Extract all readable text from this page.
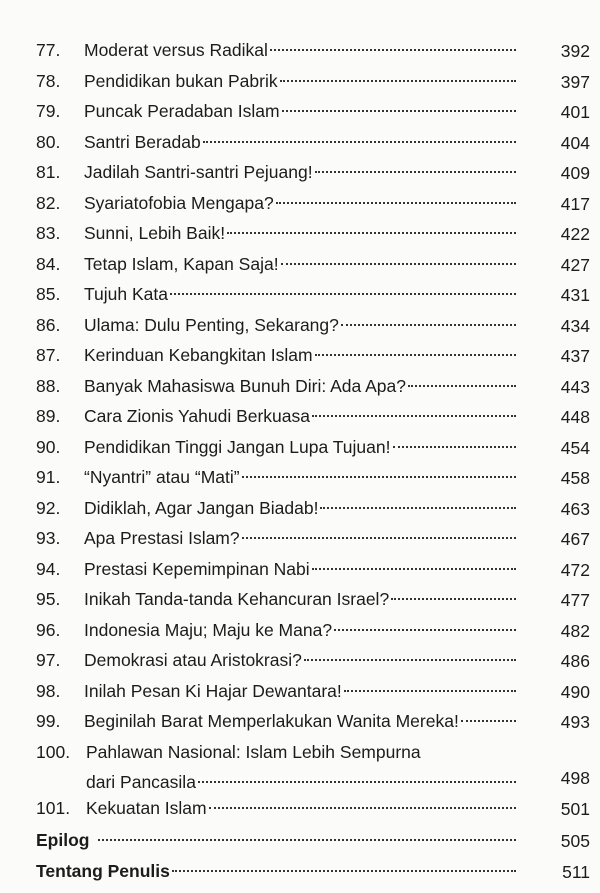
77. Moderat versus Radikal	392
78. Pendidikan bukan Pabrik	397
79. Puncak Peradaban Islam	401
80. Santri Beradab	404
81. Jadilah Santri-santri Pejuang!	409
82. Syariatofobia Mengapa?	417
83. Sunni, Lebih Baik!	422
84. Tetap Islam, Kapan Saja!	427
85. Tujuh Kata	431
86. Ulama: Dulu Penting, Sekarang?	434
87. Kerinduan Kebangkitan Islam	437
88. Banyak Mahasiswa Bunuh Diri: Ada Apa?	443
89. Cara Zionis Yahudi Berkuasa	448
90. Pendidikan Tinggi Jangan Lupa Tujuan!	454
91. “Nyantri” atau “Mati”	458
92. Didiklah, Agar Jangan Biadab!	463
93. Apa Prestasi Islam?	467
94. Prestasi Kepemimpinan Nabi	472
95. Inikah Tanda-tanda Kehancuran Israel?	477
96. Indonesia Maju; Maju ke Mana?	482
97. Demokrasi atau Aristokrasi?	486
98. Inilah Pesan Ki Hajar Dewantara!	490
99. Beginilah Barat Memperlakukan Wanita Mereka!	493
100. Pahlawan Nasional: Islam Lebih Sempurna
dari Pancasila	498
101. Kekuatan Islam	501
Epilog	505
Tentang Penulis	511
